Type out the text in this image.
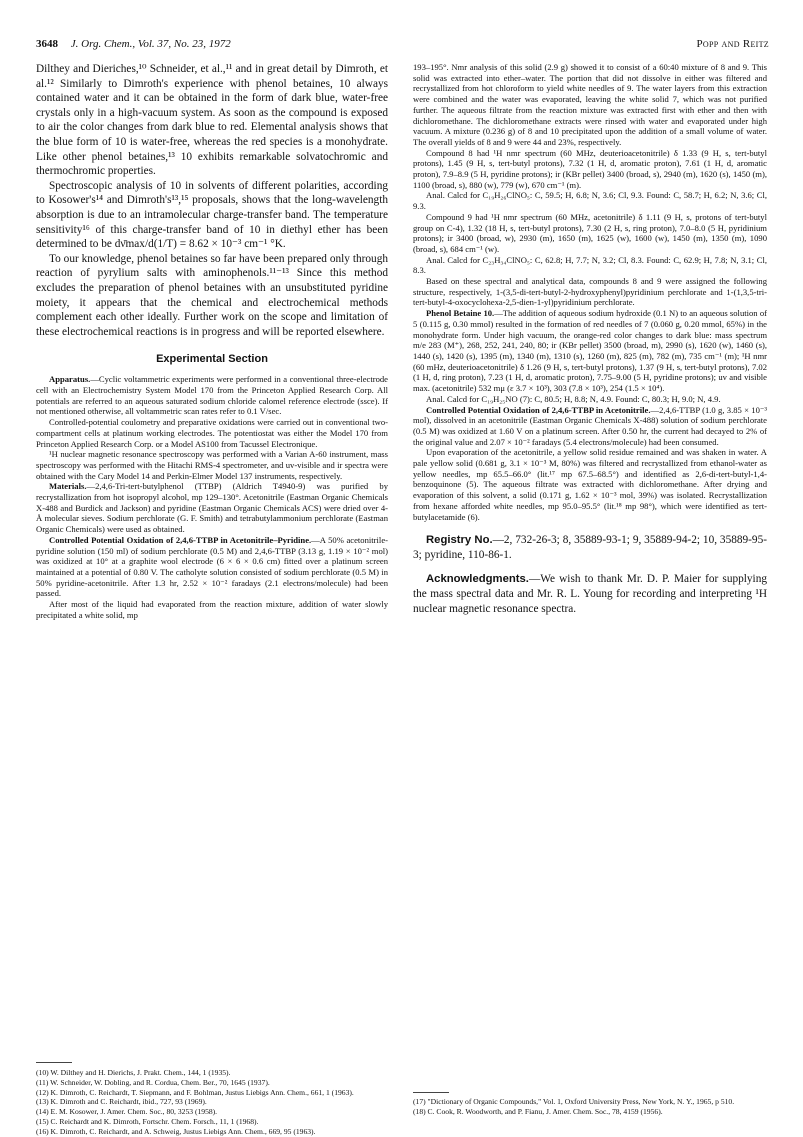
3648 J. Org. Chem., Vol. 37, No. 23, 1972	Popp and Reitz

Dilthey and Dieriches,¹⁰ Schneider, et al.,¹¹ and in great detail by Dimroth, et al.¹² Similarly to Dimroth's experience with phenol betaines, 10 always contained water and it can be obtained in the form of dark blue, water-free crystals only in a high-vacuum system. As soon as the compound is exposed to air the color changes from dark blue to red. Elemental analysis shows that the blue form of 10 is water-free, whereas the red species is a monohydrate. Like other phenol betaines,¹³ 10 exhibits remarkable solvatochromic and thermochromic properties.

Spectroscopic analysis of 10 in solvents of different polarities, according to Kosower's¹⁴ and Dimroth's¹³,¹⁵ proposals, shows that the long-wavelength absorption is due to an intramolecular charge-transfer band. The temperature sensitivity¹⁶ of this charge-transfer band of 10 in diethyl ether has been determined to be dν̄max/d(1/T) = 8.62 × 10⁻³ cm⁻¹ °K.

To our knowledge, phenol betaines so far have been prepared only through reaction of pyrylium salts with aminophenols.¹¹⁻¹³ Since this method excludes the preparation of phenol betaines with an unsubstituted pyridine moiety, it appears that the chemical and electrochemical methods complement each other ideally. Further work on the scope and limitation of these electrochemical reactions is in progress and will be reported elsewhere.

Experimental Section

Apparatus.—Cyclic voltammetric experiments were performed in a conventional three-electrode cell with an Electrochemistry System Model 170 from the Princeton Applied Research Corp. All potentials are referred to an aqueous saturated sodium chloride calomel reference electrode (ssce). If not mentioned otherwise, all voltammetric scan rates refer to 0.1 V/sec.

Controlled-potential coulometry and preparative oxidations were carried out in conventional two-compartment cells at platinum working electrodes. The potentiostat was either the Model 170 from Princeton Applied Research Corp. or a Model AS100 from Tacussel Electronique.

¹H nuclear magnetic resonance spectroscopy was performed with a Varian A-60 instrument, mass spectroscopy was performed with the Hitachi RMS-4 spectrometer, and uv-visible and ir spectra were obtained with the Cary Model 14 and Perkin-Elmer Model 137 instruments, respectively.

Materials.—2,4,6-Tri-tert-butylphenol (TTBP) (Aldrich T4940-9) was purified by recrystallization from hot isopropyl alcohol, mp 129–130°. Acetonitrile (Eastman Organic Chemicals X-488 and Burdick and Jackson) and pyridine (Eastman Organic Chemicals ACS) were dried over 4-Å molecular sieves. Sodium perchlorate (G. F. Smith) and tetrabutylammonium perchlorate (Eastman Organic Chemicals) were used as obtained.

Controlled Potential Oxidation of 2,4,6-TTBP in Acetonitrile–Pyridine.—A 50% acetonitrile-pyridine solution (150 ml) of sodium perchlorate (0.5 M) and 2,4,6-TTBP (3.13 g, 1.19 × 10⁻² mol) was oxidized at 10° at a graphite wool electrode (6 × 6 × 0.6 cm) fitted over a platinum screen maintained at a potential of 0.80 V. The catholyte solution consisted of sodium perchlorate (0.5 M) in 50% pyridine-acetonitrile. After 1.3 hr, 2.52 × 10⁻² faradays (2.1 electrons/molecule) had been passed.

After most of the liquid had evaporated from the reaction mixture, addition of water slowly precipitated a white solid, mp

193–195°. Nmr analysis of this solid (2.9 g) showed it to consist of a 60:40 mixture of 8 and 9. This solid was extracted into ether–water. The portion that did not dissolve in either was filtered and recrystallized from hot chloroform to yield white needles of 9. The water layers from this extraction were combined and the water was evaporated, leaving the white solid 7, which was not purified further. The aqueous filtrate from the reaction mixture was extracted first with ether and then with dichloromethane. The dichloromethane extracts were rinsed with water and evaporated under high vacuum. A mixture (0.236 g) of 8 and 10 precipitated upon the addition of a small volume of water. The overall yields of 8 and 9 were 44 and 23%, respectively.

Compound 8 had ¹H nmr spectrum (60 MHz, deuterioacetonitrile) δ 1.33 (9 H, s, tert-butyl protons), 1.45 (9 H, s, tert-butyl protons), 7.32 (1 H, d, aromatic proton), 7.61 (1 H, d, aromatic proton), 7.9–8.9 (5 H, pyridine protons); ir (KBr pellet) 3400 (broad, s), 2940 (m), 1620 (s), 1450 (m), 1100 (broad, s), 880 (w), 779 (w), 670 cm⁻¹ (m).

Anal. Calcd for C₁₉H₂₆ClNO₅: C, 59.5; H, 6.8; N, 3.6; Cl, 9.3. Found: C, 58.7; H, 6.2; N, 3.6; Cl, 9.3.

Compound 9 had ¹H nmr spectrum (60 MHz, acetonitrile) δ 1.11 (9 H, s, protons of tert-butyl group on C-4), 1.32 (18 H, s, tert-butyl protons), 7.30 (2 H, s, ring proton), 7.0–8.0 (5 H, pyridinium protons); ir 3400 (broad, w), 2930 (m), 1650 (m), 1625 (w), 1600 (w), 1450 (m), 1350 (m), 1090 (broad, s), 684 cm⁻¹ (w).

Anal. Calcd for C₂₃H₃₄ClNO₅: C, 62.8; H, 7.7; N, 3.2; Cl, 8.3. Found: C, 62.9; H, 7.8; N, 3.1; Cl, 8.3.

Based on these spectral and analytical data, compounds 8 and 9 were assigned the following structure, respectively, 1-(3,5-di-tert-butyl-2-hydroxyphenyl)pyridinium perchlorate and 1-(1,3,5-tri-tert-butyl-4-oxocyclohexa-2,5-dien-1-yl)pyridinium perchlorate.

Phenol Betaine 10.—The addition of aqueous sodium hydroxide (0.1 N) to an aqueous solution of 5 (0.115 g, 0.30 mmol) resulted in the formation of red needles of 7 (0.060 g, 0.20 mmol, 65%) in the monohydrate form. Under high vacuum, the orange-red color changes to dark blue: mass spectrum m/e 283 (M⁺), 268, 252, 241, 240, 80; ir (KBr pellet) 3500 (broad, m), 2990 (s), 1620 (w), 1460 (s), 1440 (s), 1420 (s), 1395 (m), 1340 (m), 1310 (s), 1260 (m), 825 (m), 782 (m), 735 cm⁻¹ (m); ¹H nmr (60 mHz, deuterioacetonitrile) δ 1.26 (9 H, s, tert-butyl protons), 1.37 (9 H, s, tert-butyl protons), 7.02 (1 H, d, ring proton), 7.23 (1 H, d, aromatic proton), 7.75–9.00 (5 H, pyridine protons); uv and visible max. (acetonitrile) 532 mμ (ε 3.7 × 10³), 303 (7.8 × 10³), 254 (1.5 × 10⁴).

Anal. Calcd for C₁₉H₂₅NO (7): C, 80.5; H, 8.8; N, 4.9. Found: C, 80.3; H, 9.0; N, 4.9.

Controlled Potential Oxidation of 2,4,6-TTBP in Acetonitrile.—2,4,6-TTBP (1.0 g, 3.85 × 10⁻³ mol), dissolved in an acetonitrile (Eastman Organic Chemicals X-488) solution of sodium perchlorate (0.5 M) was oxidized at 1.60 V on a platinum screen. After 0.50 hr, the current had decayed to 2% of the original value and 2.07 × 10⁻² faradays (5.4 electrons/molecule) had been consumed.

Upon evaporation of the acetonitrile, a yellow solid residue remained and was shaken in water. A pale yellow solid (0.681 g, 3.1 × 10⁻³ M, 80%) was filtered and recrystallized from ethanol-water as yellow needles, mp 65.5–66.0° (lit.¹⁷ mp 67.5–68.5°) and identified as 2,6-di-tert-butyl-1,4-benzoquinone (5). The aqueous filtrate was extracted with dichloromethane. After drying and evaporation of this solvent, a solid (0.171 g, 1.62 × 10⁻³ mol, 39%) was isolated. Recrystallization from hexane afforded white needles, mp 95.0–95.5° (lit.¹⁸ mp 98°), which were identified as tert-butylacetamide (6).

Registry No.—2, 732-26-3; 8, 35889-93-1; 9, 35889-94-2; 10, 35889-95-3; pyridine, 110-86-1.

Acknowledgments.—We wish to thank Mr. D. P. Maier for supplying the mass spectral data and Mr. R. L. Young for recording and interpreting ¹H nuclear magnetic resonance spectra.

(10) W. Dilthey and H. Dierichs, J. Prakt. Chem., 144, 1 (1935).

(11) W. Schneider, W. Dobling, and R. Cordua, Chem. Ber., 70, 1645 (1937).

(12) K. Dimroth, C. Reichardt, T. Siepmann, and F. Bohlman, Justus Liebigs Ann. Chem., 661, 1 (1963).

(13) K. Dimroth and C. Reichardt, ibid., 727, 93 (1969).

(14) E. M. Kosower, J. Amer. Chem. Soc., 80, 3253 (1958).

(15) C. Reichardt and K. Dimroth, Fortschr. Chem. Forsch., 11, 1 (1968).

(16) K. Dimroth, C. Reichardt, and A. Schweig, Justus Liebigs Ann. Chem., 669, 95 (1963).

(17) "Dictionary of Organic Compounds," Vol. 1, Oxford University Press, New York, N. Y., 1965, p 510.

(18) C. Cook, R. Woodworth, and P. Fianu, J. Amer. Chem. Soc., 78, 4159 (1956).
